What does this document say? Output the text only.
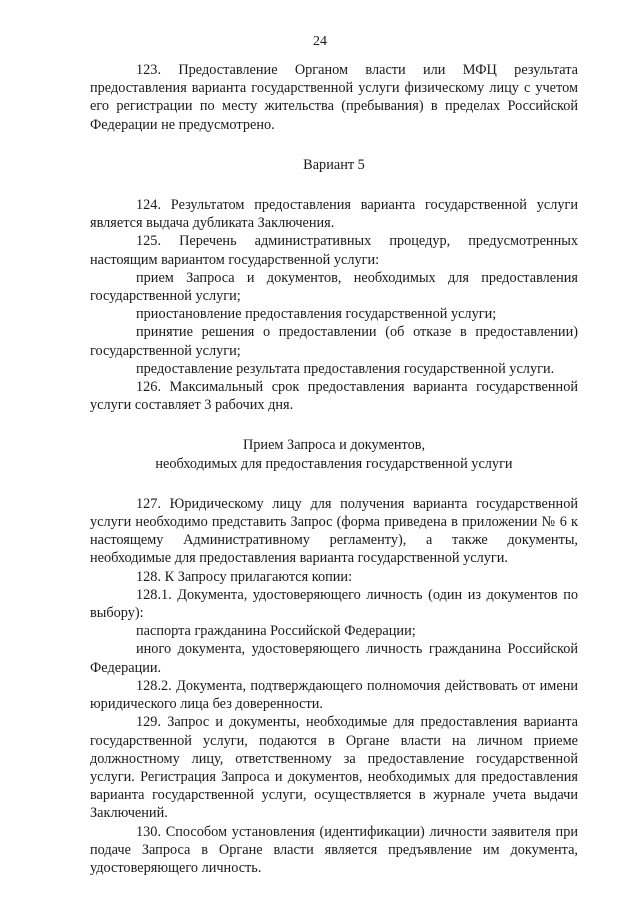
24

123. Предоставление Органом власти или МФЦ результата предоставления варианта государственной услуги физическому лицу с учетом его регистрации по месту жительства (пребывания) в пределах Российской Федерации не предусмотрено.

Вариант 5

124. Результатом предоставления варианта государственной услуги является выдача дубликата Заключения.

125. Перечень административных процедур, предусмотренных настоящим вариантом государственной услуги:

прием Запроса и документов, необходимых для предоставления государственной услуги;

приостановление предоставления государственной услуги;

принятие решения о предоставлении (об отказе в предоставлении) государственной услуги;

предоставление результата предоставления государственной услуги.

126. Максимальный срок предоставления варианта государственной услуги составляет 3 рабочих дня.

Прием Запроса и документов,

необходимых для предоставления государственной услуги

127. Юридическому лицу для получения варианта государственной услуги необходимо представить Запрос (форма приведена в приложении № 6 к настоящему Административному регламенту), а также документы, необходимые для предоставления варианта государственной услуги.

128. К Запросу прилагаются копии:

128.1. Документа, удостоверяющего личность (один из документов по выбору):

паспорта гражданина Российской Федерации;

иного документа, удостоверяющего личность гражданина Российской Федерации.

128.2. Документа, подтверждающего полномочия действовать от имени юридического лица без доверенности.

129. Запрос и документы, необходимые для предоставления варианта государственной услуги, подаются в Органе власти на личном приеме должностному лицу, ответственному за предоставление государственной услуги. Регистрация Запроса и документов, необходимых для предоставления варианта государственной услуги, осуществляется в журнале учета выдачи Заключений.

130. Способом установления (идентификации) личности заявителя при подаче Запроса в Органе власти является предъявление им документа, удостоверяющего личность.
